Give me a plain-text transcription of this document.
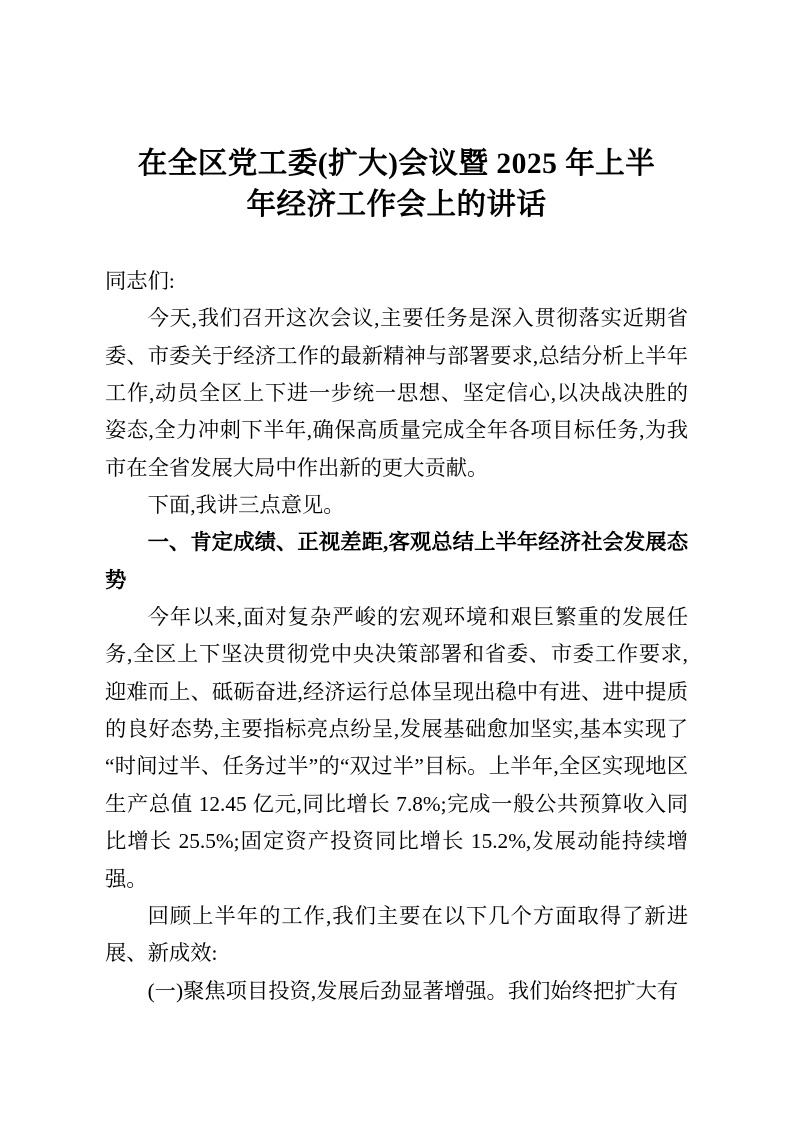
在全区党工委(扩大)会议暨 2025 年上半年经济工作会上的讲话

同志们:

今天,我们召开这次会议,主要任务是深入贯彻落实近期省委、市委关于经济工作的最新精神与部署要求,总结分析上半年工作,动员全区上下进一步统一思想、坚定信心,以决战决胜的姿态,全力冲刺下半年,确保高质量完成全年各项目标任务,为我市在全省发展大局中作出新的更大贡献。

下面,我讲三点意见。

一、肯定成绩、正视差距,客观总结上半年经济社会发展态势

今年以来,面对复杂严峻的宏观环境和艰巨繁重的发展任务,全区上下坚决贯彻党中央决策部署和省委、市委工作要求,迎难而上、砥砺奋进,经济运行总体呈现出稳中有进、进中提质的良好态势,主要指标亮点纷呈,发展基础愈加坚实,基本实现了“时间过半、任务过半”的“双过半”目标。上半年,全区实现地区生产总值 12.45 亿元,同比增长 7.8%;完成一般公共预算收入同比增长 25.5%;固定资产投资同比增长 15.2%,发展动能持续增强。

回顾上半年的工作,我们主要在以下几个方面取得了新进展、新成效:

(一)聚焦项目投资,发展后劲显著增强。我们始终把扩大有
